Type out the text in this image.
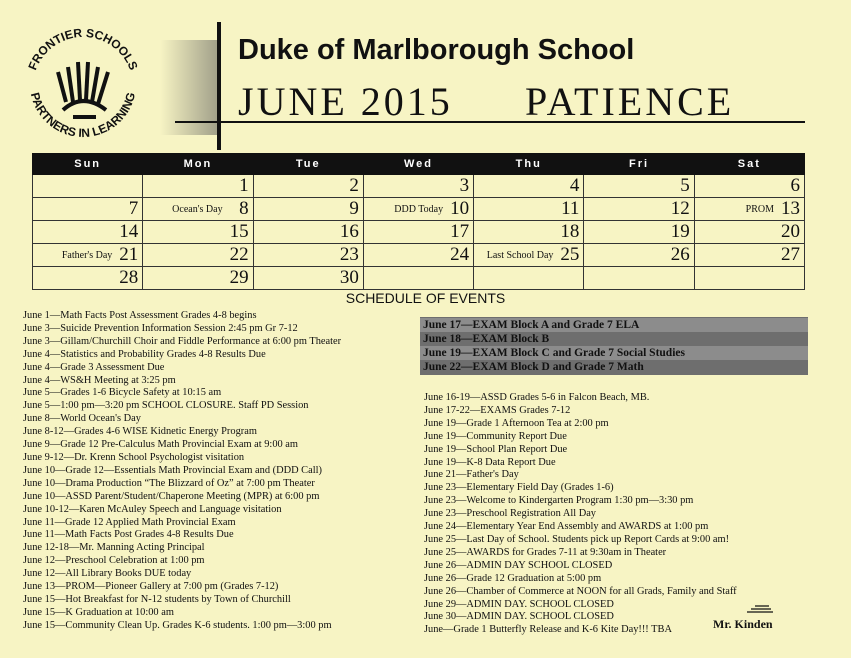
FRONTIER SCHOOLS
PARTNERS IN LEARNING
Duke of Marlborough School
JUNE 2015 PATIENCE
Sun	Mon	Tue	Wed	Thu	Fri	Sat

	1	2	3	4	5	6

7	Ocean's Day 8	9	DDD Today 10	11	12	PROM 13

14	15	16	17	18	19	20

Father's Day 21	22	23	24	Last School Day 25	26	27

28	29	30				

SCHEDULE OF EVENTS
June 1—Math Facts Post Assessment Grades 4-8 begins
June 3—Suicide Prevention Information Session 2:45 pm Gr 7-12
June 3—Gillam/Churchill Choir and Fiddle Performance at 6:00 pm Theater
June 4—Statistics and Probability Grades 4-8 Results Due
June 4—Grade 3 Assessment Due
June 4—WS&H Meeting at 3:25 pm
June 5—Grades 1-6 Bicycle Safety at 10:15 am
June 5—1:00 pm—3:20 pm SCHOOL CLOSURE. Staff PD Session
June 8—World Ocean's Day
June 8-12—Grades 4-6 WISE Kidnetic Energy Program
June 9—Grade 12 Pre-Calculus Math Provincial Exam at 9:00 am
June 9-12—Dr. Krenn School Psychologist visitation
June 10—Grade 12—Essentials Math Provincial Exam and (DDD Call)
June 10—Drama Production “The Blizzard of Oz” at 7:00 pm Theater
June 10—ASSD Parent/Student/Chaperone Meeting (MPR) at 6:00 pm
June 10-12—Karen McAuley Speech and Language visitation
June 11—Grade 12 Applied Math Provincial Exam
June 11—Math Facts Post Grades 4-8 Results Due
June 12-18—Mr. Manning Acting Principal
June 12—Preschool Celebration at 1:00 pm
June 12—All Library Books DUE today
June 13—PROM—Pioneer Gallery at 7:00 pm (Grades 7-12)
June 15—Hot Breakfast for N-12 students by Town of Churchill
June 15—K Graduation at 10:00 am
June 15—Community Clean Up. Grades K-6 students. 1:00 pm—3:00 pm
June 17—EXAM Block A and Grade 7 ELA
June 18—EXAM Block B
June 19—EXAM Block C and Grade 7 Social Studies
June 22—EXAM Block D and Grade 7 Math
June 16-19—ASSD Grades 5-6 in Falcon Beach, MB.
June 17-22—EXAMS Grades 7-12
June 19—Grade 1 Afternoon Tea at 2:00 pm
June 19—Community Report Due
June 19—School Plan Report Due
June 19—K-8 Data Report Due
June 21—Father's Day
June 23—Elementary Field Day (Grades 1-6)
June 23—Welcome to Kindergarten Program 1:30 pm—3:30 pm
June 23—Preschool Registration All Day
June 24—Elementary Year End Assembly and AWARDS at 1:00 pm
June 25—Last Day of School. Students pick up Report Cards at 9:00 am!
June 25—AWARDS for Grades 7-11 at 9:30am in Theater
June 26—ADMIN DAY SCHOOL CLOSED
June 26—Grade 12 Graduation at 5:00 pm
June 26—Chamber of Commerce at NOON for all Grads, Family and Staff
June 29—ADMIN DAY. SCHOOL CLOSED
June 30—ADMIN DAY. SCHOOL CLOSED
June—Grade 1 Butterfly Release and K-6 Kite Day!!! TBA	Mr. Kinden
